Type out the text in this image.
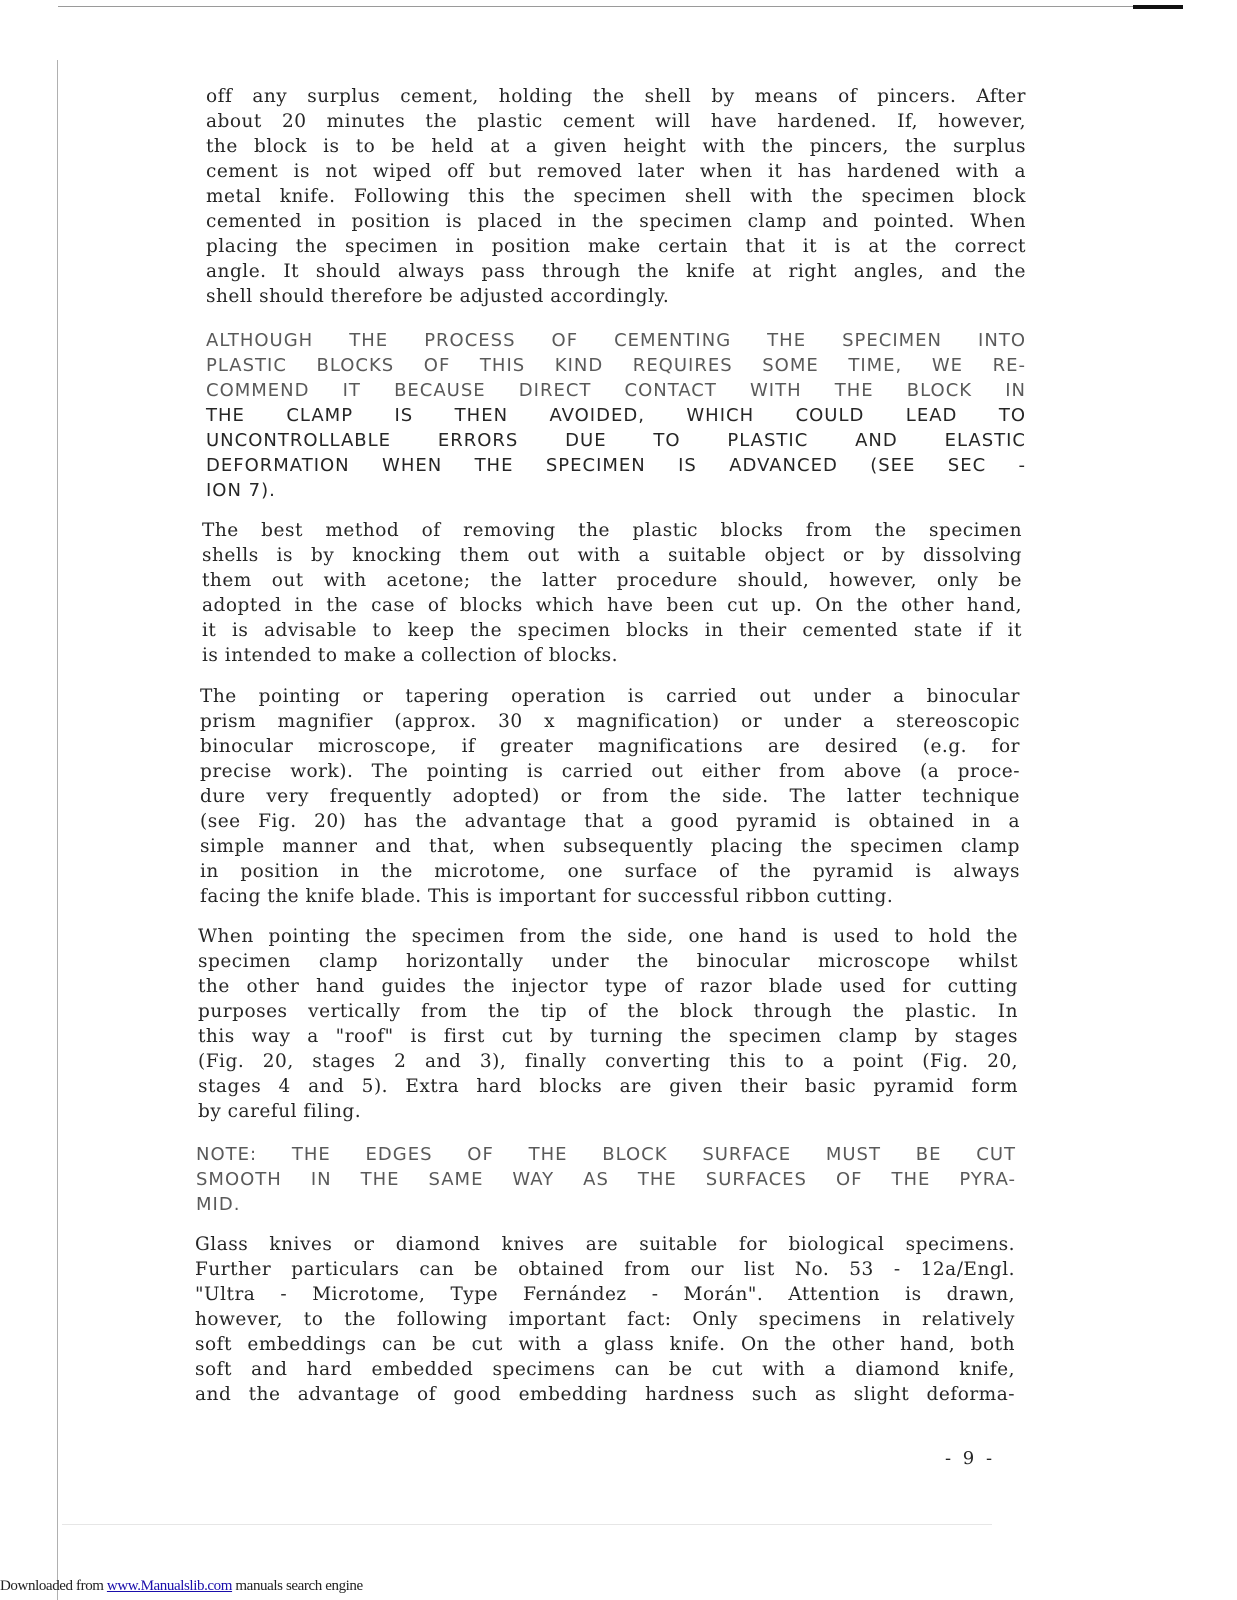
off any surplus cement, holding the shell by means of pincers. After
about 20 minutes the plastic cement will have hardened. If, however,
the block is to be held at a given height with the pincers, the surplus
cement is not wiped off but removed later when it has hardened with a
metal knife. Following this the specimen shell with the specimen block
cemented in position is placed in the specimen clamp and pointed. When
placing the specimen in position make certain that it is at the correct
angle. It should always pass through the knife at right angles, and the
shell should therefore be adjusted accordingly.
ALTHOUGH THE PROCESS OF CEMENTING THE SPECIMEN INTO
PLASTIC BLOCKS OF THIS KIND REQUIRES SOME TIME, WE RE-
COMMEND IT BECAUSE DIRECT CONTACT WITH THE BLOCK IN
THE CLAMP IS THEN AVOIDED, WHICH COULD LEAD TO
UNCONTROLLABLE ERRORS DUE TO PLASTIC AND ELASTIC
DEFORMATION WHEN THE SPECIMEN IS ADVANCED (SEE SEC -
ION 7).
The best method of removing the plastic blocks from the specimen
shells is by knocking them out with a suitable object or by dissolving
them out with acetone; the latter procedure should, however, only be
adopted in the case of blocks which have been cut up. On the other hand,
it is advisable to keep the specimen blocks in their cemented state if it
is intended to make a collection of blocks.
The pointing or tapering operation is carried out under a binocular
prism magnifier (approx. 30 x magnification) or under a stereoscopic
binocular microscope, if greater magnifications are desired (e.g. for
precise work). The pointing is carried out either from above (a proce-
dure very frequently adopted) or from the side. The latter technique
(see Fig. 20) has the advantage that a good pyramid is obtained in a
simple manner and that, when subsequently placing the specimen clamp
in position in the microtome, one surface of the pyramid is always
facing the knife blade. This is important for successful ribbon cutting.
When pointing the specimen from the side, one hand is used to hold the
specimen clamp horizontally under the binocular microscope whilst
the other hand guides the injector type of razor blade used for cutting
purposes vertically from the tip of the block through the plastic. In
this way a "roof" is first cut by turning the specimen clamp by stages
(Fig. 20, stages 2 and 3), finally converting this to a point (Fig. 20,
stages 4 and 5). Extra hard blocks are given their basic pyramid form
by careful filing.
NOTE: THE EDGES OF THE BLOCK SURFACE MUST BE CUT
SMOOTH IN THE SAME WAY AS THE SURFACES OF THE PYRA-
MID.
Glass knives or diamond knives are suitable for biological specimens.
Further particulars can be obtained from our list No. 53 - 12a/Engl.
"Ultra - Microtome, Type Fernández - Morán". Attention is drawn,
however, to the following important fact: Only specimens in relatively
soft embeddings can be cut with a glass knife. On the other hand, both
soft and hard embedded specimens can be cut with a diamond knife,
and the advantage of good embedding hardness such as slight deforma-
- 9 -
Downloaded from www.Manualslib.com manuals search engine
